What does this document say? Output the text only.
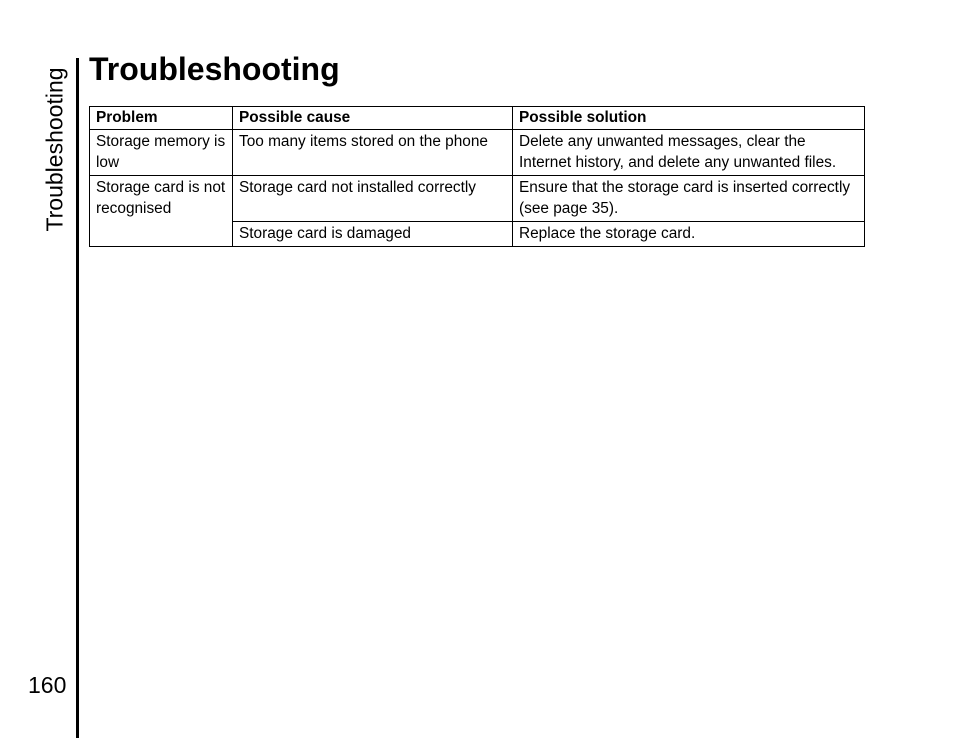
Troubleshooting
160
Troubleshooting
Problem	Possible cause	Possible solution
Storage memory is low	Too many items stored on the phone	Delete any unwanted messages, clear the Internet history, and delete any unwanted files.
Storage card is not recognised	Storage card not installed correctly	Ensure that the storage card is inserted correctly (see page 35).
	Storage card is damaged	Replace the storage card.
